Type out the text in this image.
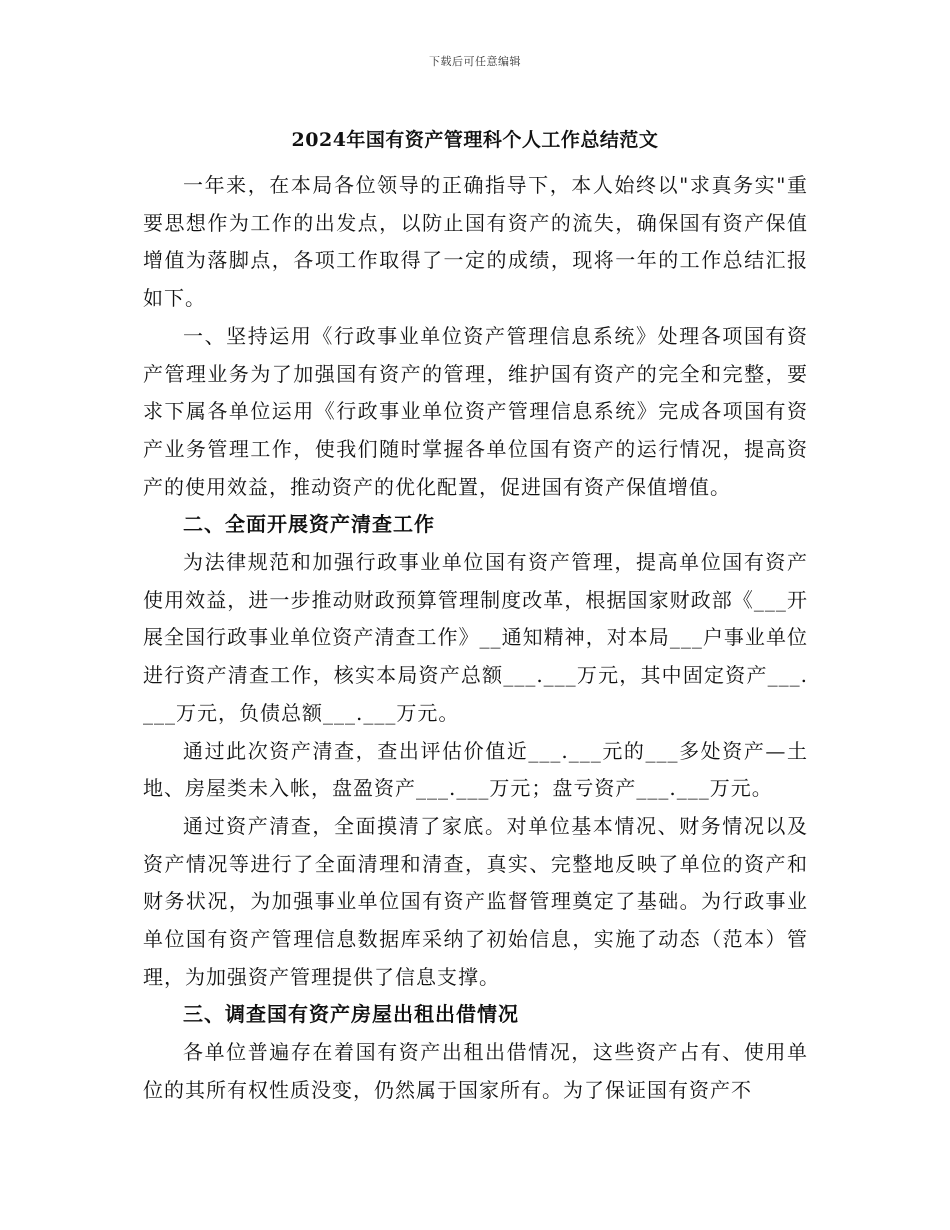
下载后可任意编辑
2024年国有资产管理科个人工作总结范文

一年来，在本局各位领导的正确指导下，本人始终以"求真务实"重要思想作为工作的出发点，以防止国有资产的流失，确保国有资产保值增值为落脚点，各项工作取得了一定的成绩，现将一年的工作总结汇报如下。

一、坚持运用《行政事业单位资产管理信息系统》处理各项国有资产管理业务为了加强国有资产的管理，维护国有资产的完全和完整，要求下属各单位运用《行政事业单位资产管理信息系统》完成各项国有资产业务管理工作，使我们随时掌握各单位国有资产的运行情况，提高资产的使用效益，推动资产的优化配置，促进国有资产保值增值。

二、全面开展资产清查工作

为法律规范和加强行政事业单位国有资产管理，提高单位国有资产使用效益，进一步推动财政预算管理制度改革，根据国家财政部《___开展全国行政事业单位资产清查工作》__通知精神，对本局___户事业单位进行资产清查工作，核实本局资产总额___.___万元，其中固定资产___.___万元，负债总额___.___万元。

通过此次资产清查，查出评估价值近___.___元的___多处资产—土地、房屋类未入帐，盘盈资产___.___万元；盘亏资产___.___万元。

通过资产清查，全面摸清了家底。对单位基本情况、财务情况以及资产情况等进行了全面清理和清查，真实、完整地反映了单位的资产和财务状况，为加强事业单位国有资产监督管理奠定了基础。为行政事业单位国有资产管理信息数据库采纳了初始信息，实施了动态（范本）管理，为加强资产管理提供了信息支撑。

三、调查国有资产房屋出租出借情况

各单位普遍存在着国有资产出租出借情况，这些资产占有、使用单位的其所有权性质没变，仍然属于国家所有。为了保证国有资产不
